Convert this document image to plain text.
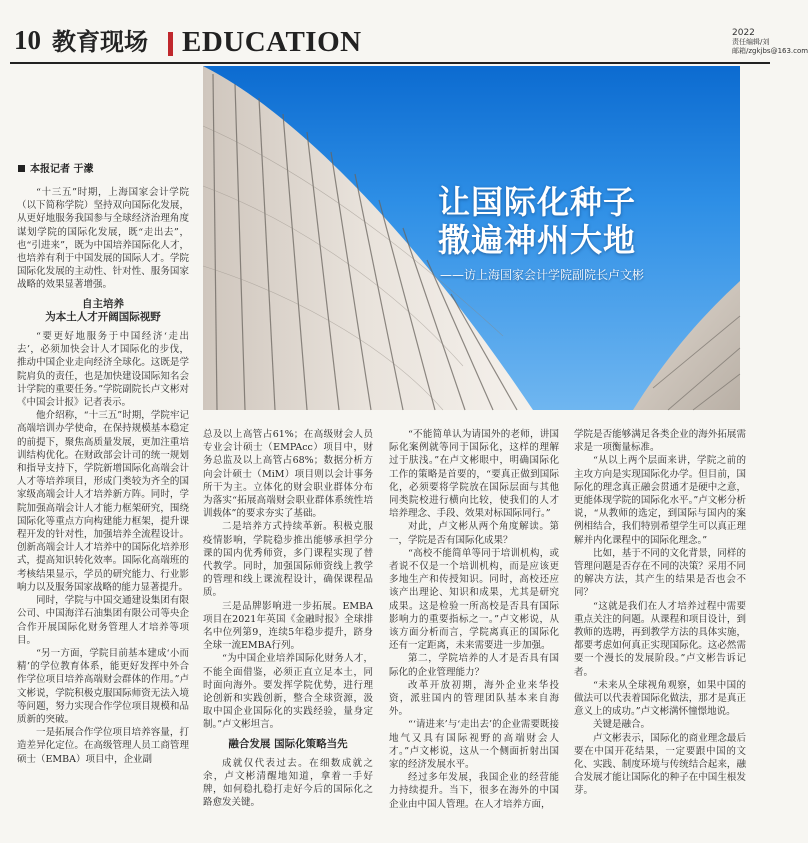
10 教育现场 EDUCATION	2022
责任编辑/刘
邮箱/zgkjbs@163.com
让国际化种子
撒遍神州大地
——访上海国家会计学院副院长卢文彬
本报记者 于濛

“十三五”时期，上海国家会计学院（以下简称学院）坚持双向国际化发展，从更好地服务我国参与全球经济治理角度谋划学院的国际化发展，既“走出去”，也“引进来”，既为中国培养国际化人才，也培养有利于中国发展的国际人才。学院国际化发展的主动性、针对性、服务国家战略的效果显著增强。

自主培养
为本土人才开阔国际视野

“要更好地服务于中国经济‘走出去’，必须加快会计人才国际化的步伐，推动中国企业走向经济全球化。这既是学院肩负的责任，也是加快建设国际知名会计学院的重要任务。”学院副院长卢文彬对《中国会计报》记者表示。

他介绍称，“十三五”时期，学院牢记高端培训办学使命，在保持规模基本稳定的前提下，聚焦高质量发展，更加注重培训结构优化。在财政部会计司的统一规划和指导支持下，学院新增国际化高端会计人才等培养项目，形成门类较为齐全的国家级高端会计人才培养新方阵。同时，学院加强高端会计人才能力框架研究，围绕国际化等重点方向构建能力框架，提升课程开发的针对性，加强培养全流程设计。创新高端会计人才培养中的国际化培养形式，提高知识转化效率。国际化高端班的考核结果显示，学员的研究能力、行业影响力以及服务国家战略的能力显著提升。

同时，学院与中国交通建设集团有限公司、中国海洋石油集团有限公司等央企合作开展国际化财务管理人才培养等项目。

“另一方面，学院目前基本建成‘小而精’的学位教育体系，能更好发挥中外合作学位项目培养高端财会群体的作用。”卢文彬说，学院积极克服国际师资无法入境等问题，努力实现合作学位项目规模和品质新的突破。

一是拓展合作学位项目培养容量，打造差异化定位。在高级管理人员工商管理硕士（EMBA）项目中，企业副

总及以上高管占61%；在高级财会人员专业会计硕士（EMPAcc）项目中，财务总监及以上高管占68%；数据分析方向会计硕士（MiM）项目则以会计事务所干为主。立体化的财会职业群体分布为落实“拓展高端财会职业群体系统性培训载体”的要求夯实了基础。

二是培养方式持续革新。积极克服疫情影响，学院稳步推出能够承担学分课的国内优秀师资，多门课程实现了替代教学。同时，加强国际师资线上教学的管理和线上课流程设计，确保课程品质。

三是品牌影响进一步拓展。EMBA项目在2021年英国《金融时报》全球排名中位列第9，连续5年稳步提升，跻身全球一流EMBA行列。

“为中国企业培养国际化财务人才，不能全面借鉴，必须正直立足本土，同时面向海外。要发挥学院优势，进行理论创新和实践创新，整合全球资源，汲取中国企业国际化的实践经验，量身定制。”卢文彬坦言。

融合发展 国际化策略当先

成就仅代表过去。在细数成就之余，卢文彬清醒地知道，拿着一手好牌，如何稳扎稳打走好今后的国际化之路愈发关键。

“不能简单认为请国外的老师，讲国际化案例就等同于国际化，这样的理解过于肤浅。”在卢文彬眼中，明确国际化工作的策略是首要的，“要真正做到国际化，必须要将学院放在国际层面与其他同类院校进行横向比较，使我们的人才培养理念、手段、效果对标国际同行。”

对此，卢文彬从两个角度解读。第一，学院是否有国际化成果？

“高校不能简单等同于培训机构，或者说不仅是一个培训机构，而是应该更多地生产和传授知识。同时，高校还应该产出理论、知识和成果，尤其是研究成果。这是检验一所高校是否具有国际影响力的重要指标之一。”卢文彬说，从该方面分析而言，学院离真正的国际化还有一定距离，未来需要进一步加强。

第二，学院培养的人才是否具有国际化的企业管理能力？

改革开放初期，海外企业来华投资，派驻国内的管理团队基本来自海外。

“‘请进来’与‘走出去’的企业需要既接地气又具有国际视野的高端财会人才。”卢文彬说，这从一个侧面折射出国家的经济发展水平。

经过多年发展，我国企业的经营能力持续提升。当下，很多在海外的中国企业由中国人管理。在人才培养方面，

学院是否能够满足各类企业的海外拓展需求是一项衡量标准。

“从以上两个层面来讲，学院之前的主攻方向是实现国际化办学。但目前，国际化的理念真正融会贯通才是硬中之意，更能体现学院的国际化水平。”卢文彬分析说，“从教师的选定，到国际与国内的案例相结合，我们特别希望学生可以真正理解并内化课程中的国际化理念。”

比如，基于不同的文化背景，同样的管理问题是否存在不同的决策？采用不同的解决方法，其产生的结果是否也会不同？

“这就是我们在人才培养过程中需要重点关注的问题。从课程和项目设计，到教师的选聘，再到教学方法的具体实施，都要考虑如何真正实现国际化。这必然需要一个漫长的发展阶段。”卢文彬告诉记者。

“未来从全球视角观察，如果中国的做法可以代表着国际化做法，那才是真正意义上的成功。”卢文彬满怀憧憬地说。

关键是融合。

卢文彬表示，国际化的商业理念最后要在中国开花结果，一定要跟中国的文化、实践、制度环境与传统结合起来，融合发展才能让国际化的种子在中国生根发芽。
